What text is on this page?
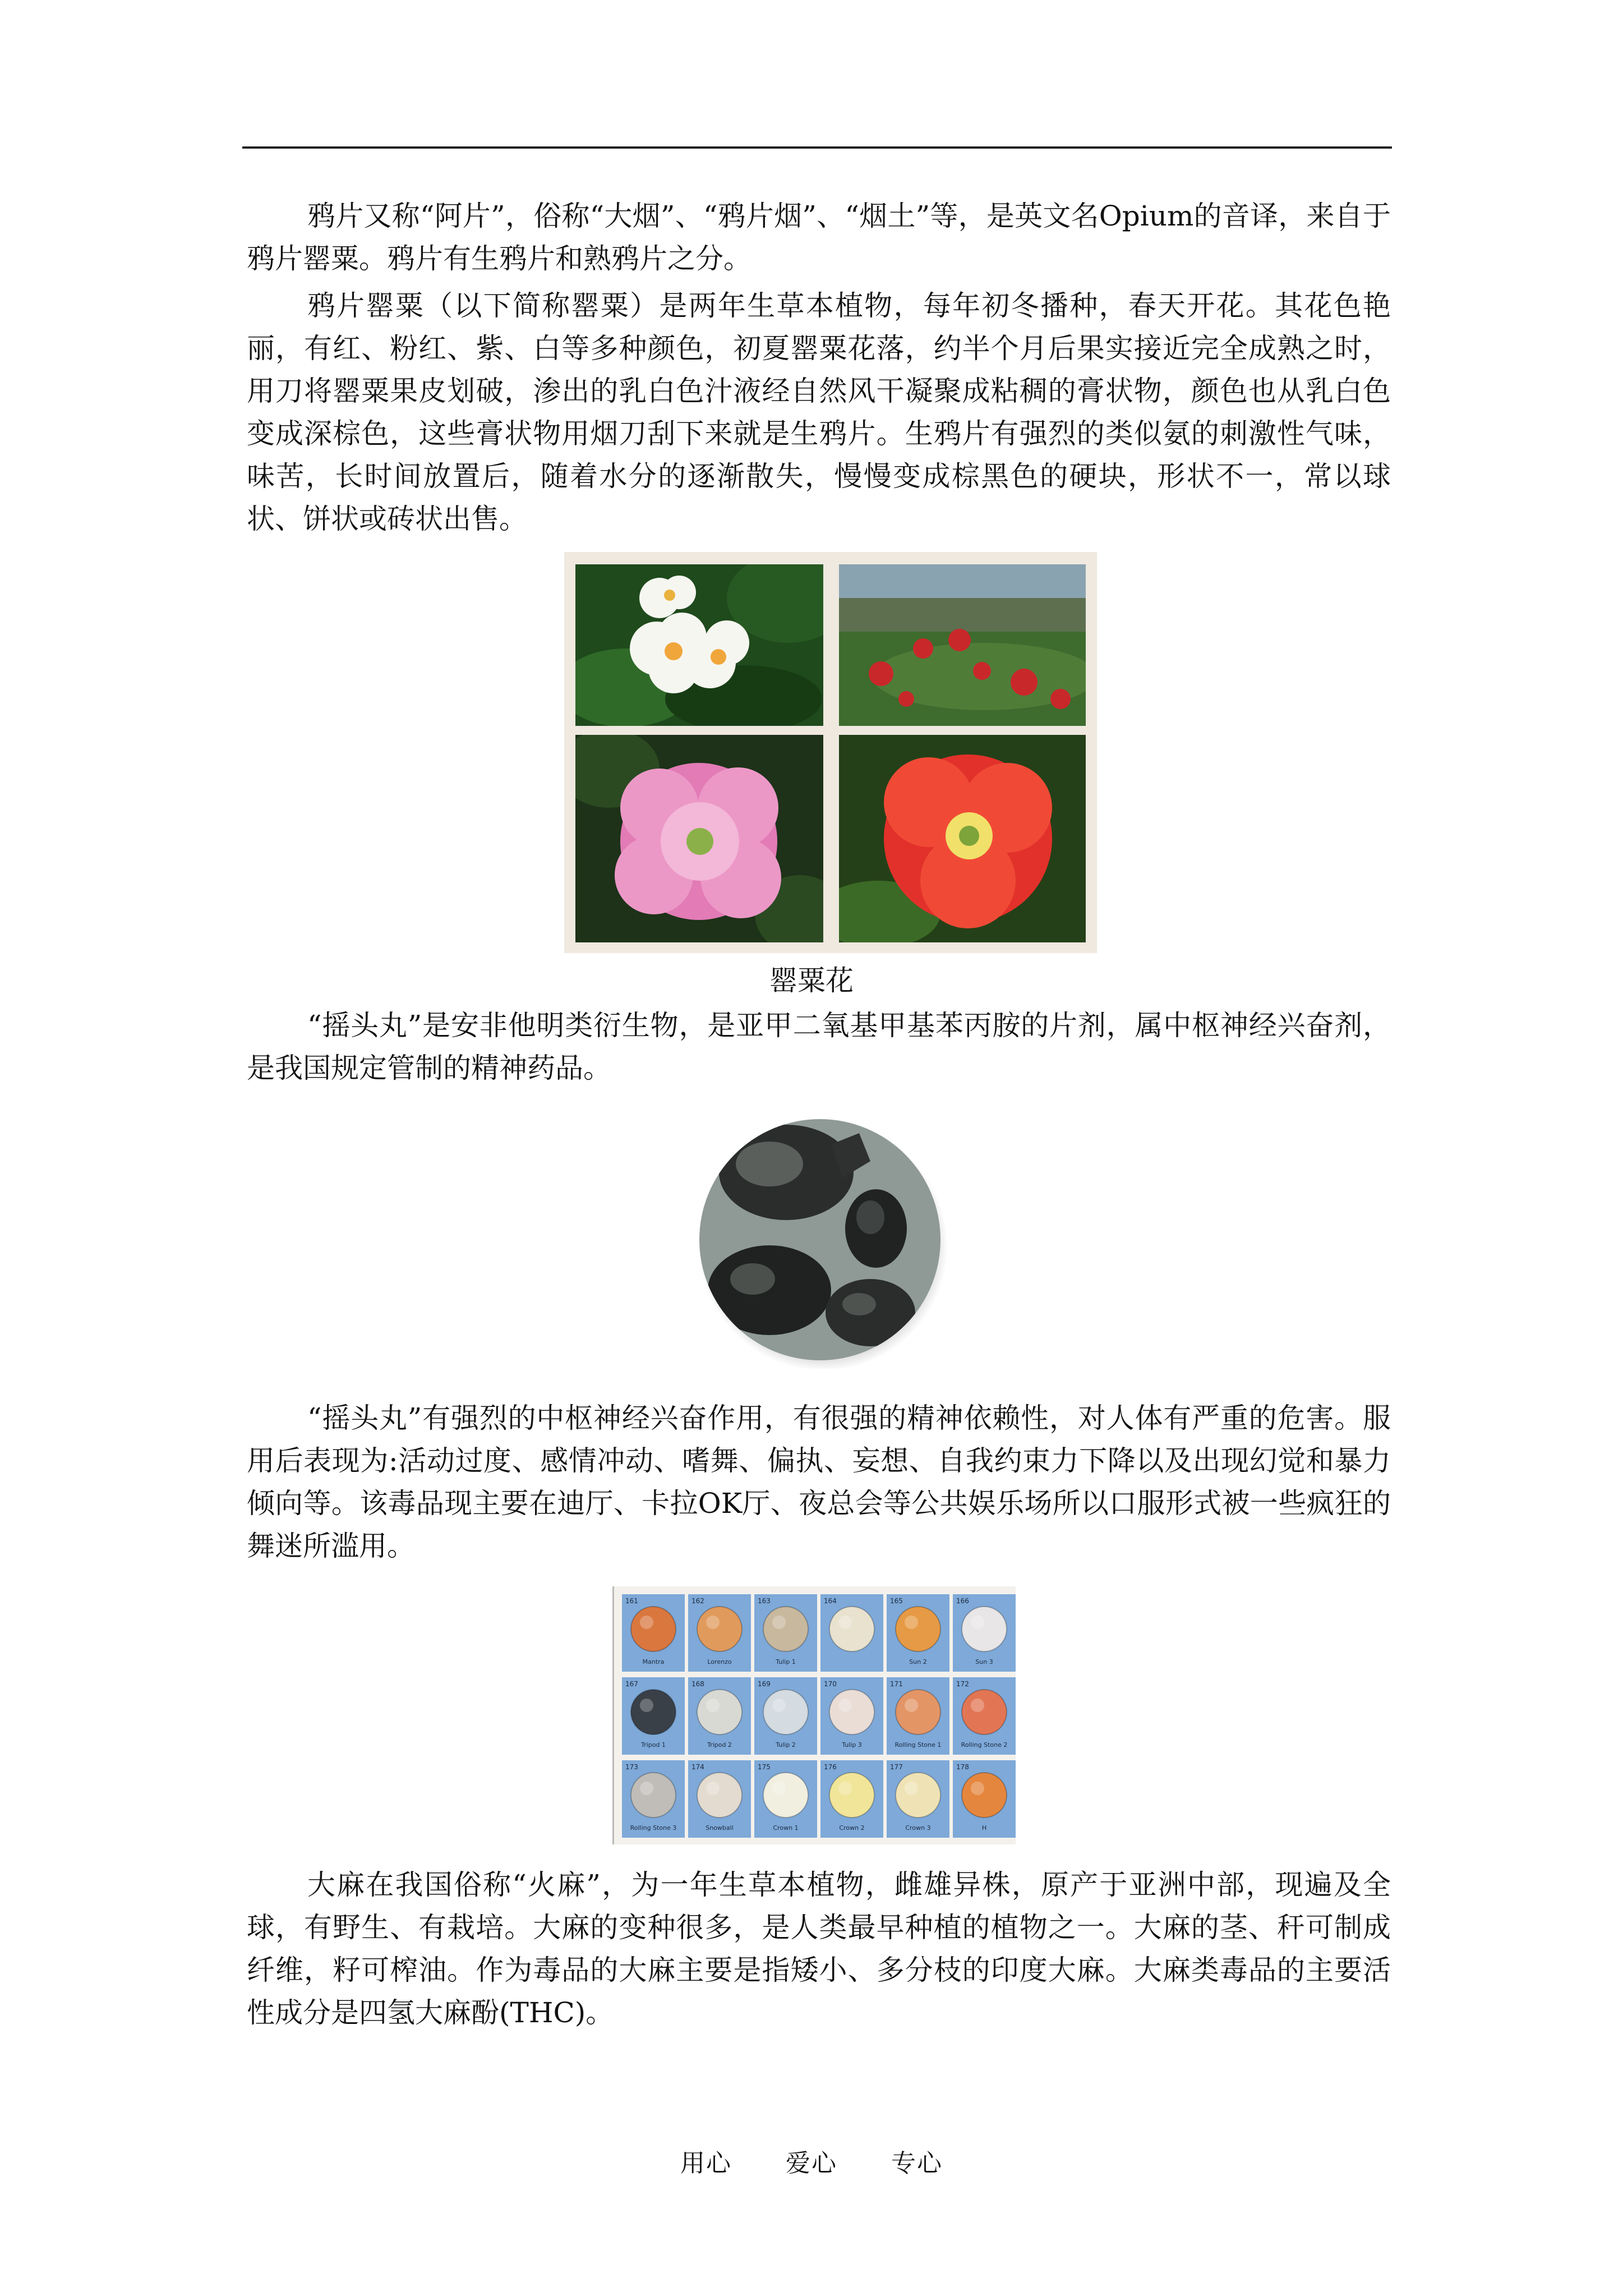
鸦片又称“阿片”，俗称“大烟”、“鸦片烟”、“烟土”等，是英文名Opium的音译，来自于鸦片罂粟。鸦片有生鸦片和熟鸦片之分。

鸦片罂粟（以下简称罂粟）是两年生草本植物，每年初冬播种，春天开花。其花色艳丽，有红、粉红、紫、白等多种颜色，初夏罂粟花落，约半个月后果实接近完全成熟之时，用刀将罂粟果皮划破，渗出的乳白色汁液经自然风干凝聚成粘稠的膏状物，颜色也从乳白色变成深棕色，这些膏状物用烟刀刮下来就是生鸦片。生鸦片有强烈的类似氨的刺激性气味，味苦，长时间放置后，随着水分的逐渐散失，慢慢变成棕黑色的硬块，形状不一，常以球状、饼状或砖状出售。

罂粟花

“摇头丸”是安非他明类衍生物，是亚甲二氧基甲基苯丙胺的片剂，属中枢神经兴奋剂，是我国规定管制的精神药品。

“摇头丸”有强烈的中枢神经兴奋作用，有很强的精神依赖性，对人体有严重的危害。服用后表现为:活动过度、感情冲动、嗜舞、偏执、妄想、自我约束力下降以及出现幻觉和暴力倾向等。该毒品现主要在迪厅、卡拉OK厅、夜总会等公共娱乐场所以口服形式被一些疯狂的舞迷所滥用。

161
Mantra
162
Lorenzo
163
Tulip 1
164	165
Sun 2
166
Sun 3
167
Tripod 1
168
Tripod 2
169
Tulip 2
170
Tulip 3
171
Rolling Stone 1
172
Rolling Stone 2
173
Rolling Stone 3
174
Snowball
175
Crown 1
176
Crown 2
177
Crown 3
178
H

大麻在我国俗称“火麻”，为一年生草本植物，雌雄异株，原产于亚洲中部，现遍及全球，有野生、有栽培。大麻的变种很多，是人类最早种植的植物之一。大麻的茎、秆可制成纤维，籽可榨油。作为毒品的大麻主要是指矮小、多分枝的印度大麻。大麻类毒品的主要活性成分是四氢大麻酚(THC)。

用心 爱心 专心
